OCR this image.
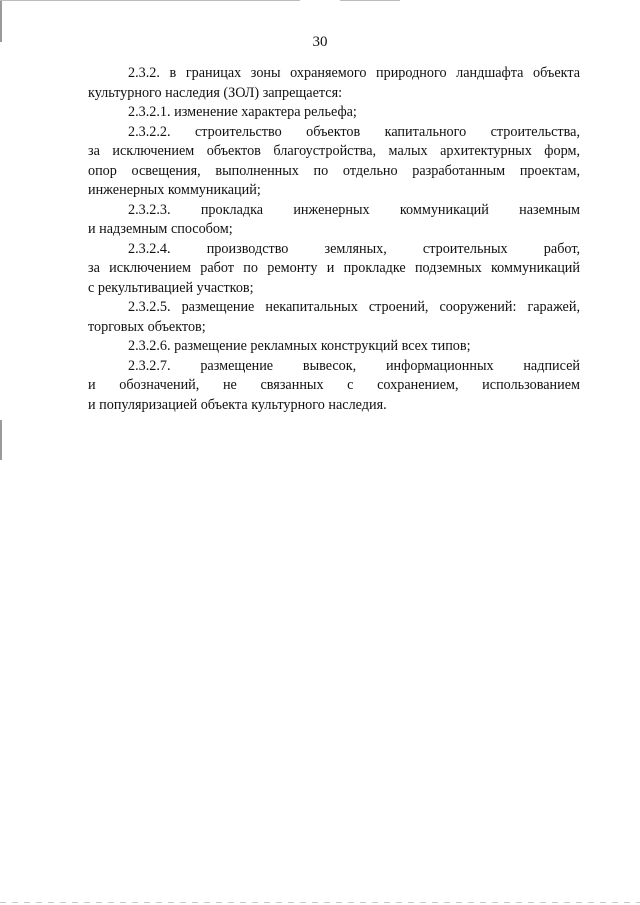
30
2.3.2. в границах зоны охраняемого природного ландшафта объекта
культурного наследия (ЗОЛ) запрещается:
2.3.2.1. изменение характера рельефа;
2.3.2.2. строительство объектов капитального строительства,
за исключением объектов благоустройства, малых архитектурных форм,
опор освещения, выполненных по отдельно разработанным проектам,
инженерных коммуникаций;
2.3.2.3. прокладка инженерных коммуникаций наземным
и надземным способом;
2.3.2.4. производство земляных, строительных работ,
за исключением работ по ремонту и прокладке подземных коммуникаций
с рекультивацией участков;
2.3.2.5. размещение некапитальных строений, сооружений: гаражей,
торговых объектов;
2.3.2.6. размещение рекламных конструкций всех типов;
2.3.2.7. размещение вывесок, информационных надписей
и обозначений, не связанных с сохранением, использованием
и популяризацией объекта культурного наследия.
